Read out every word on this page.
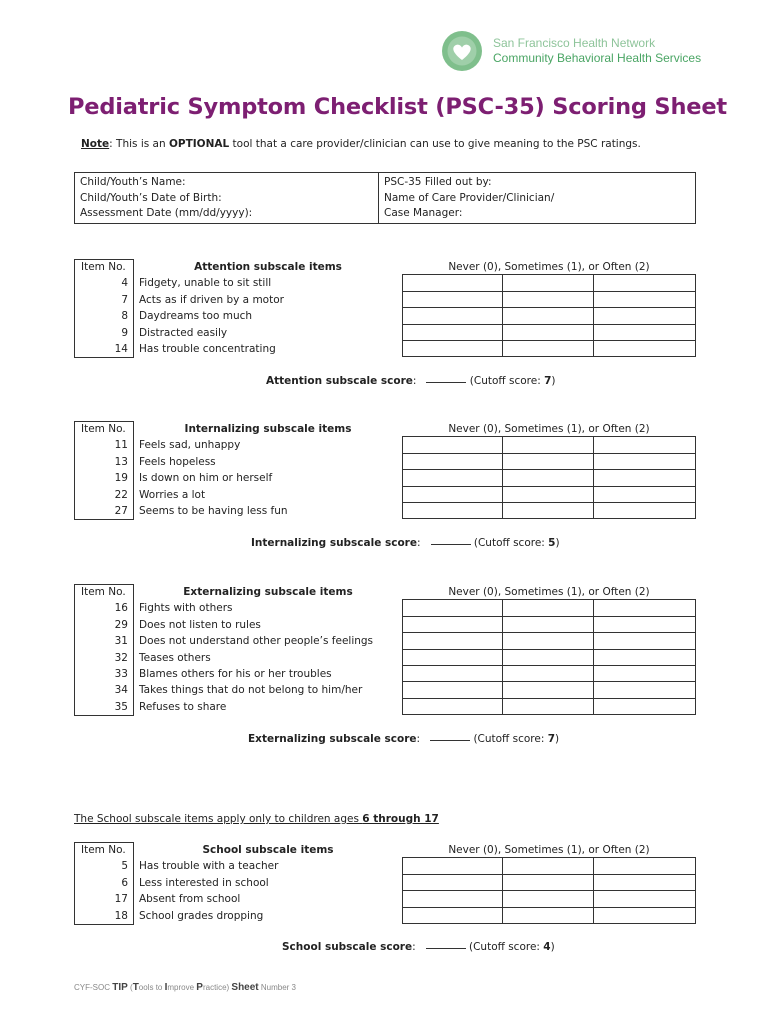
San Francisco Health Network
Community Behavioral Health Services
Pediatric Symptom Checklist (PSC-35) Scoring Sheet
Note: This is an OPTIONAL tool that a care provider/clinician can use to give meaning to the PSC ratings.
Child/Youth’s Name:
Child/Youth’s Date of Birth:
Assessment Date (mm/dd/yyyy):
PSC-35 Filled out by:
Name of Care Provider/Clinician/
Case Manager:
Item No.	Attention subscale items	Never (0), Sometimes (1), or Often (2)
4	Fidgety, unable to sit still
7	Acts as if driven by a motor
8	Daydreams too much
9	Distracted easily
14	Has trouble concentrating
Attention subscale score:	(Cutoff score: 7)
Item No.	Internalizing subscale items	Never (0), Sometimes (1), or Often (2)
11	Feels sad, unhappy
13	Feels hopeless
19	Is down on him or herself
22	Worries a lot
27	Seems to be having less fun
Internalizing subscale score:	(Cutoff score: 5)
Item No.	Externalizing subscale items	Never (0), Sometimes (1), or Often (2)
16	Fights with others
29	Does not listen to rules
31	Does not understand other people’s feelings
32	Teases others
33	Blames others for his or her troubles
34	Takes things that do not belong to him/her
35	Refuses to share
Externalizing subscale score:	(Cutoff score: 7)
The School subscale items apply only to children ages 6 through 17
Item No.	School subscale items	Never (0), Sometimes (1), or Often (2)
5	Has trouble with a teacher
6	Less interested in school
17	Absent from school
18	School grades dropping
School subscale score:	(Cutoff score: 4)
CYF-SOC TIP (Tools to Improve Practice) Sheet Number 3
